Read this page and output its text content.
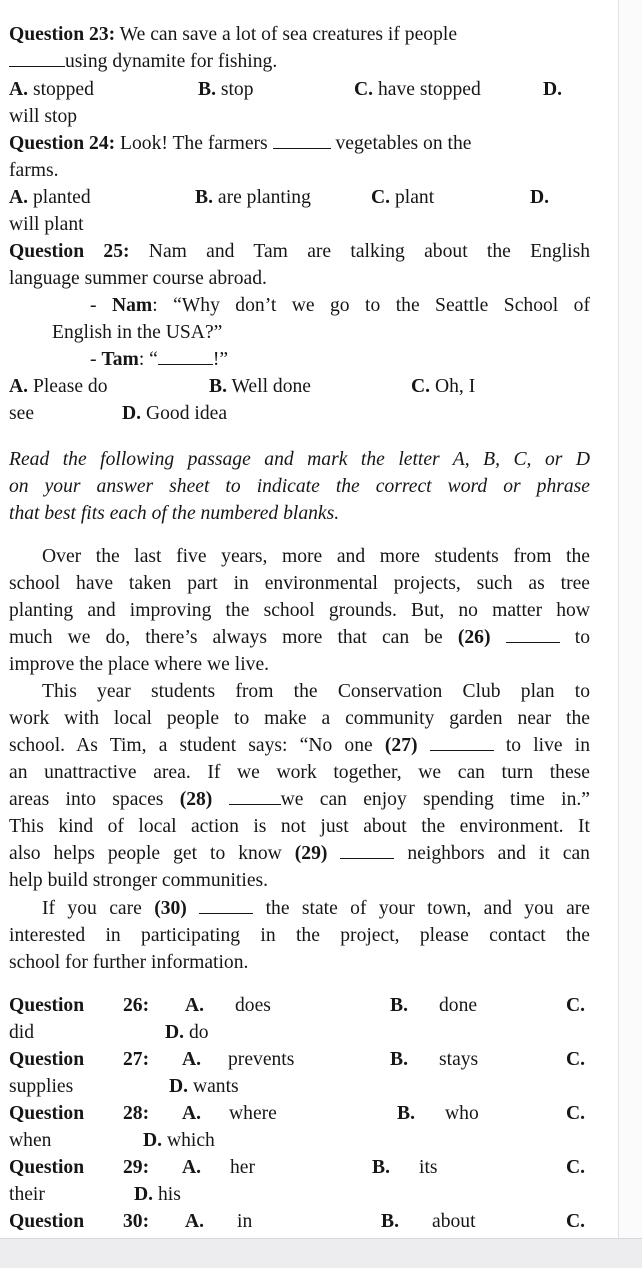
Question 23: We can save a lot of sea creatures if people
using dynamite for fishing.
A. stopped	B. stop	C. have stopped	D.
will stop
Question 24: Look! The farmers	vegetables on the
farms.
A. planted	B. are planting	C. plant	D.
will plant
Question 25: Nam and Tam are talking about the English
language summer course abroad.
- Nam: “Why don’t we go to the Seattle School of
English in the USA?”
- Tam: “	!”
A. Please do	B. Well done	C. Oh, I
see	D. Good idea
Read the following passage and mark the letter A, B, C, or D
on your answer sheet to indicate the correct word or phrase
that best fits each of the numbered blanks.
Over the last five years, more and more students from the
school have taken part in environmental projects, such as tree
planting and improving the school grounds. But, no matter how
much we do, there’s always more that can be (26)	to
improve the place where we live.
This year students from the Conservation Club plan to
work with local people to make a community garden near the
school. As Tim, a student says: “No one (27)	to live in
an unattractive area. If we work together, we can turn these
areas into spaces (28)	we can enjoy spending time in.”
This kind of local action is not just about the environment. It
also helps people get to know (29)	neighbors and it can
help build stronger communities.
If you care (30)	the state of your town, and you are
interested in participating in the project, please contact the
school for further information.
Question 26: A. does	B. done	C.
did	D. do
Question 27: A. prevents	B. stays	C.
supplies	D. wants
Question 28: A. where	B. who	C.
when	D. which
Question 29: A. her	B. its	C.
their	D. his
Question 30: A. in	B. about	C.
